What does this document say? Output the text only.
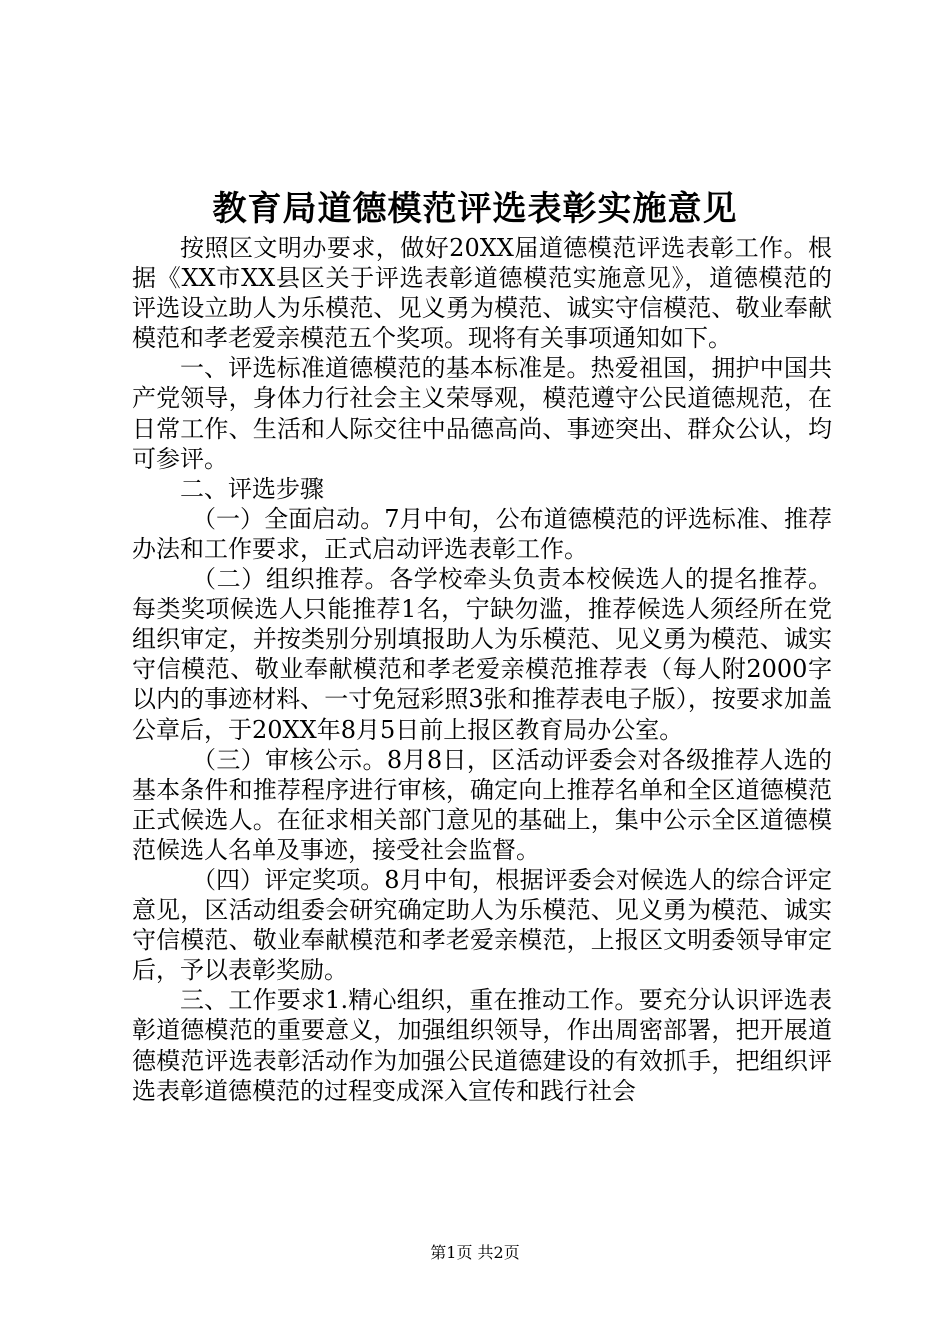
教育局道德模范评选表彰实施意见

按照区文明办要求，做好20XX届道德模范评选表彰工作。根据《XX市XX县区关于评选表彰道德模范实施意见》，道德模范的评选设立助人为乐模范、见义勇为模范、诚实守信模范、敬业奉献模范和孝老爱亲模范五个奖项。现将有关事项通知如下。

一、评选标准道德模范的基本标准是。热爱祖国，拥护中国共产党领导，身体力行社会主义荣辱观，模范遵守公民道德规范，在日常工作、生活和人际交往中品德高尚、事迹突出、群众公认，均可参评。

二、评选步骤

（一）全面启动。7月中旬，公布道德模范的评选标准、推荐办法和工作要求，正式启动评选表彰工作。

（二）组织推荐。各学校牵头负责本校候选人的提名推荐。每类奖项候选人只能推荐1名，宁缺勿滥，推荐候选人须经所在党组织审定，并按类别分别填报助人为乐模范、见义勇为模范、诚实守信模范、敬业奉献模范和孝老爱亲模范推荐表（每人附2000字以内的事迹材料、一寸免冠彩照3张和推荐表电子版），按要求加盖公章后，于20XX年8月5日前上报区教育局办公室。

（三）审核公示。8月8日，区活动评委会对各级推荐人选的基本条件和推荐程序进行审核，确定向上推荐名单和全区道德模范正式候选人。在征求相关部门意见的基础上，集中公示全区道德模范候选人名单及事迹，接受社会监督。

（四）评定奖项。8月中旬，根据评委会对候选人的综合评定意见，区活动组委会研究确定助人为乐模范、见义勇为模范、诚实守信模范、敬业奉献模范和孝老爱亲模范，上报区文明委领导审定后，予以表彰奖励。

三、工作要求1.精心组织，重在推动工作。要充分认识评选表彰道德模范的重要意义，加强组织领导，作出周密部署，把开展道德模范评选表彰活动作为加强公民道德建设的有效抓手，把组织评选表彰道德模范的过程变成深入宣传和践行社会

第1页 共2页
